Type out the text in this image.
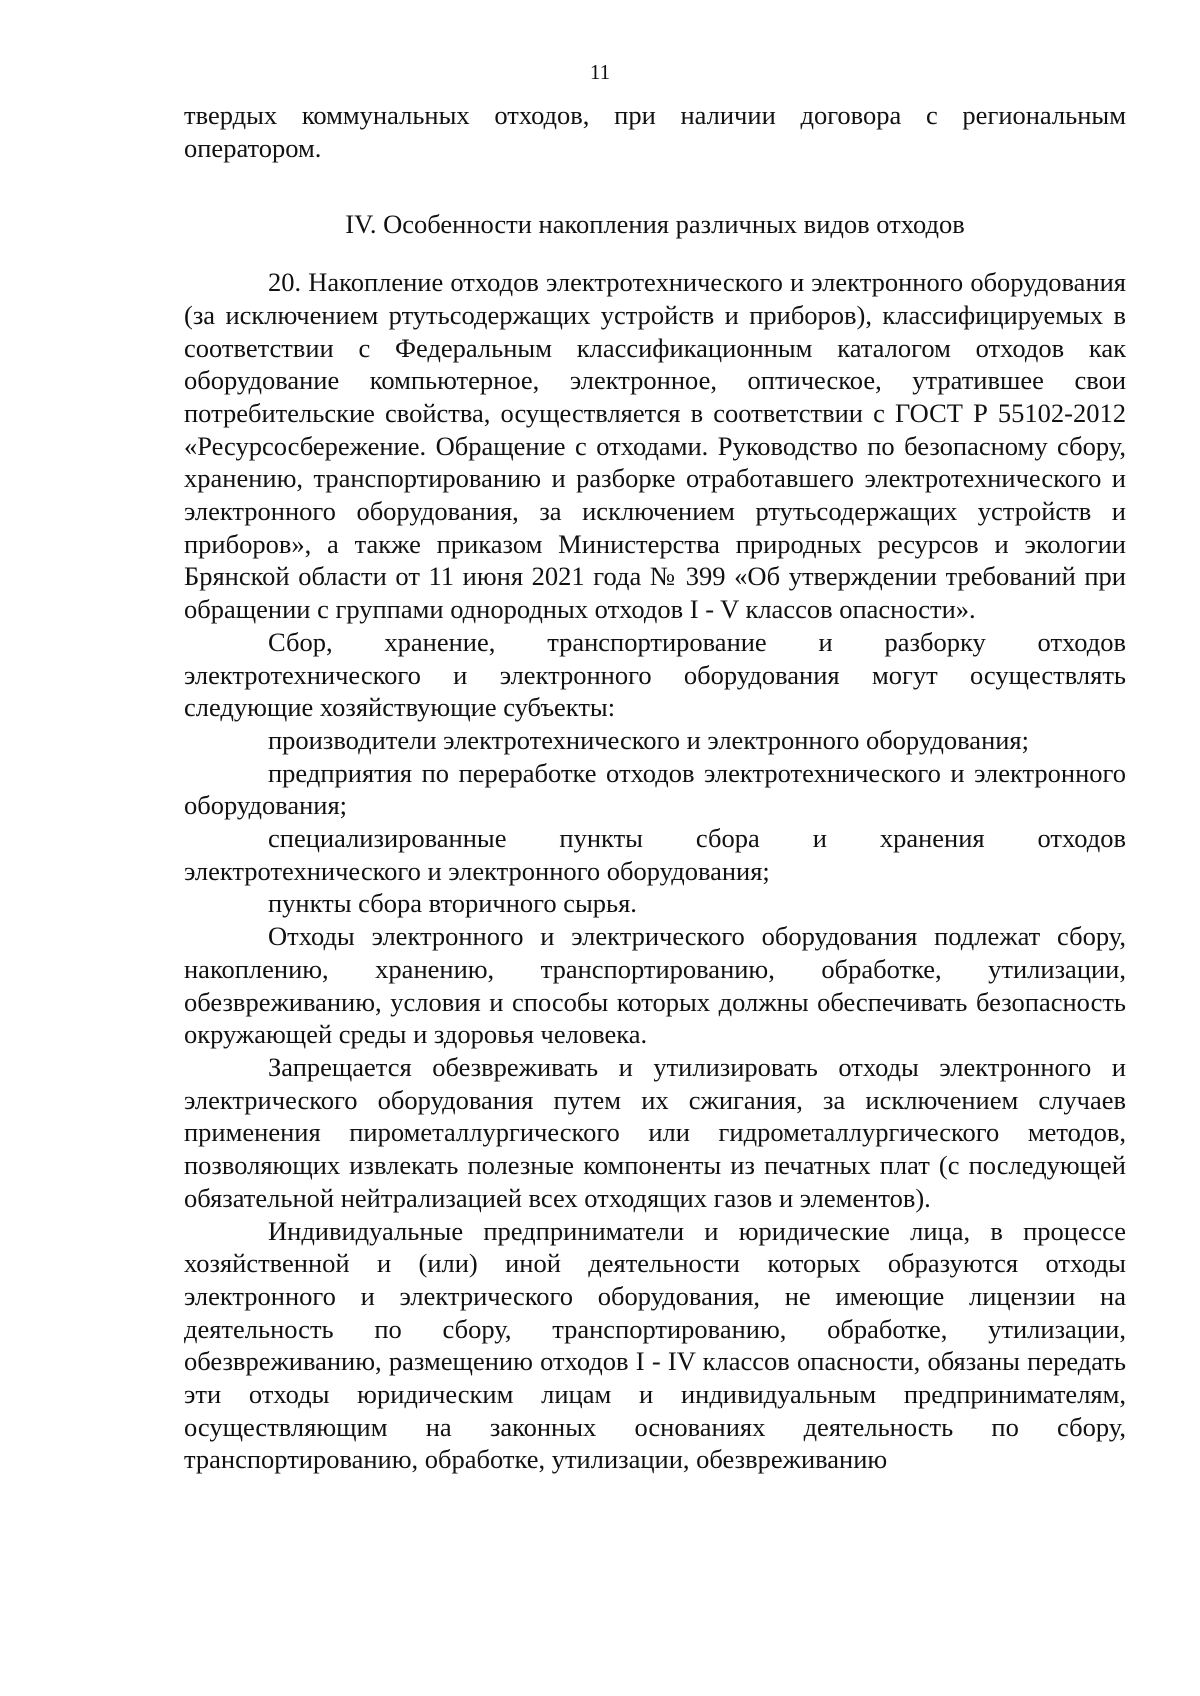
11

твердых коммунальных отходов, при наличии договора с региональным оператором.

IV. Особенности накопления различных видов отходов

20. Накопление отходов электротехнического и электронного оборудования (за исключением ртутьсодержащих устройств и приборов), классифицируемых в соответствии с Федеральным классификационным каталогом отходов как оборудование компьютерное, электронное, оптическое, утратившее свои потребительские свойства, осуществляется в соответствии с ГОСТ Р 55102-2012 «Ресурсосбережение. Обращение с отходами. Руководство по безопасному сбору, хранению, транспортированию и разборке отработавшего электротехнического и электронного оборудования, за исключением ртутьсодержащих устройств и приборов», а также приказом Министерства природных ресурсов и экологии Брянской области от 11 июня 2021 года № 399 «Об утверждении требований при обращении с группами однородных отходов I - V классов опасности».

Сбор, хранение, транспортирование и разборку отходов электротехнического и электронного оборудования могут осуществлять следующие хозяйствующие субъекты:

производители электротехнического и электронного оборудования;

предприятия по переработке отходов электротехнического и электронного оборудования;

специализированные пункты сбора и хранения отходов электротехнического и электронного оборудования;

пункты сбора вторичного сырья.

Отходы электронного и электрического оборудования подлежат сбору, накоплению, хранению, транспортированию, обработке, утилизации, обезвреживанию, условия и способы которых должны обеспечивать безопасность окружающей среды и здоровья человека.

Запрещается обезвреживать и утилизировать отходы электронного и электрического оборудования путем их сжигания, за исключением случаев применения пирометаллургического или гидрометаллургического методов, позволяющих извлекать полезные компоненты из печатных плат (с последующей обязательной нейтрализацией всех отходящих газов и элементов).

Индивидуальные предприниматели и юридические лица, в процессе хозяйственной и (или) иной деятельности которых образуются отходы электронного и электрического оборудования, не имеющие лицензии на деятельность по сбору, транспортированию, обработке, утилизации, обезвреживанию, размещению отходов I - IV классов опасности, обязаны передать эти отходы юридическим лицам и индивидуальным предпринимателям, осуществляющим на законных основаниях деятельность по сбору, транспортированию, обработке, утилизации, обезвреживанию
